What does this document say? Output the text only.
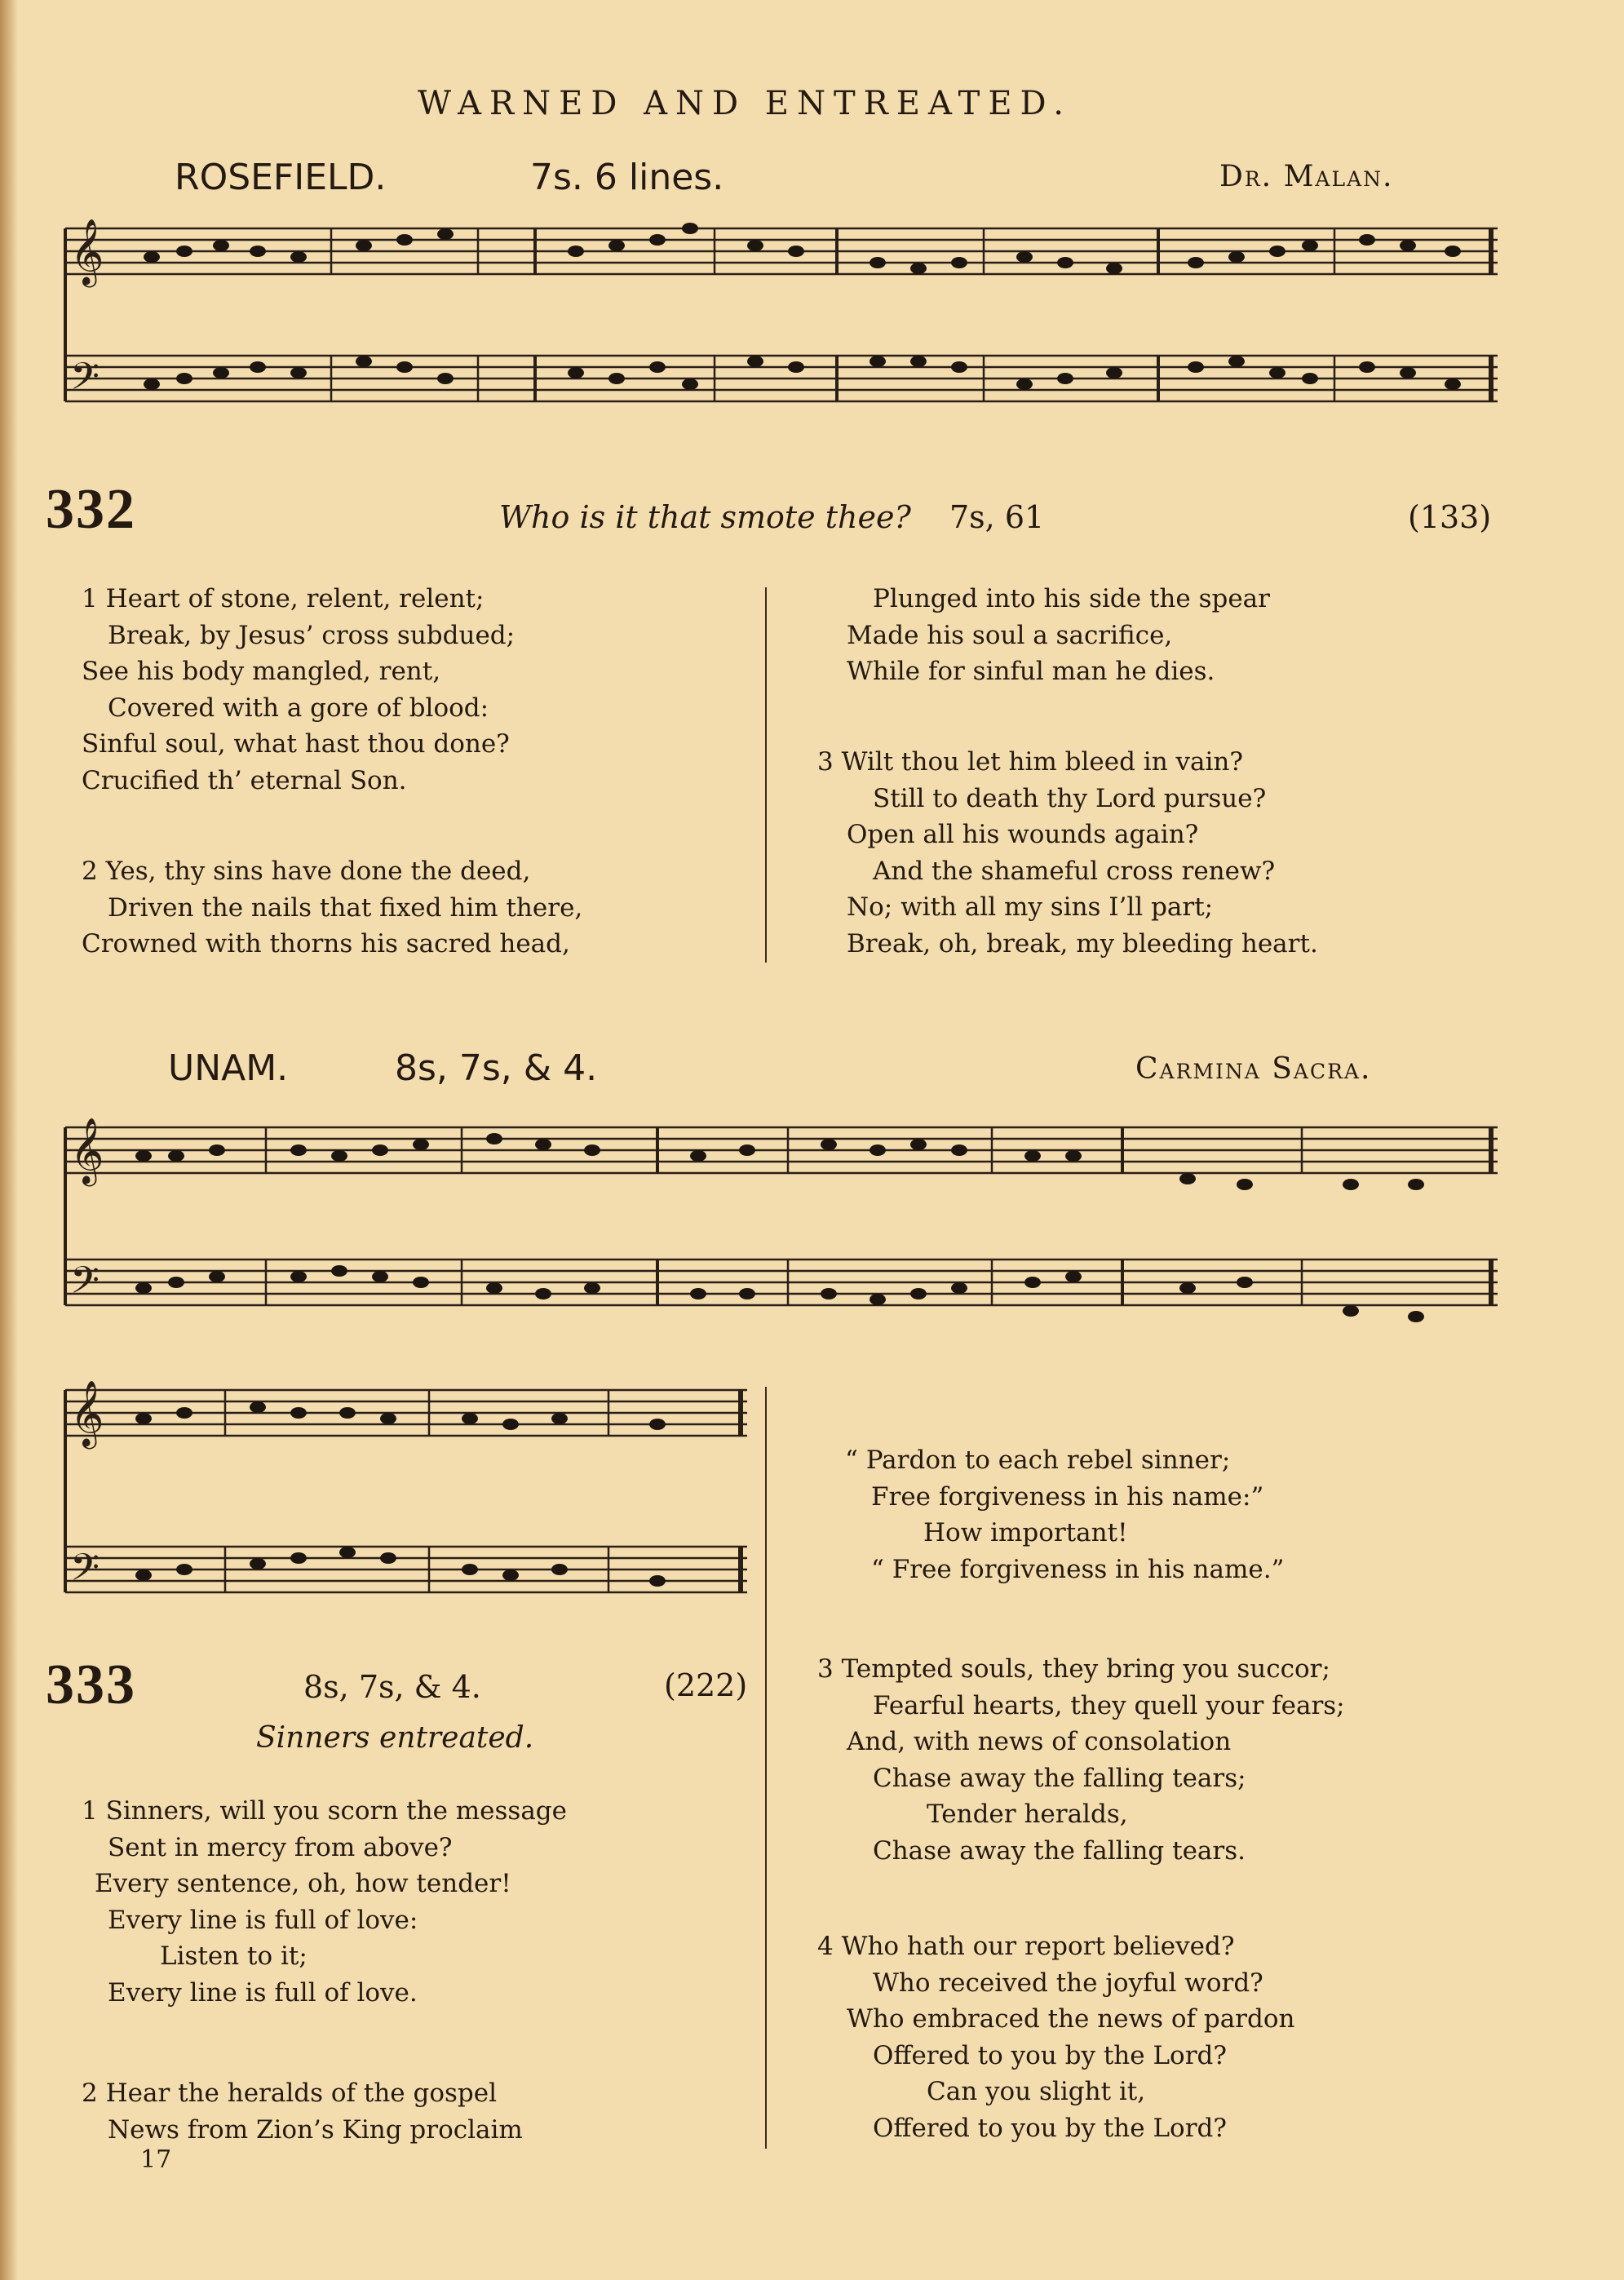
WARNED AND ENTREATED.
ROSEFIELD.	7s. 6 lines.	Dr. Malan.
𝄞
𝄢
332	Who is it that smote thee? 7s, 61	(133)
1 Heart of stone, relent, relent;
Break, by Jesus’ cross subdued;
See his body mangled, rent,
Covered with a gore of blood:
Sinful soul, what hast thou done?
Crucified th’ eternal Son.
2 Yes, thy sins have done the deed,
Driven the nails that fixed him there,
Crowned with thorns his sacred head,
Plunged into his side the spear
Made his soul a sacrifice,
While for sinful man he dies.
3 Wilt thou let him bleed in vain?
Still to death thy Lord pursue?
Open all his wounds again?
And the shameful cross renew?
No; with all my sins I’ll part;
Break, oh, break, my bleeding heart.
UNAM.	8s, 7s, & 4.	Carmina Sacra.
𝄞
𝄢
𝄞
𝄢
333	8s, 7s, & 4.	(222)
Sinners entreated.
1 Sinners, will you scorn the message
Sent in mercy from above?
Every sentence, oh, how tender!
Every line is full of love:
Listen to it;
Every line is full of love.
2 Hear the heralds of the gospel
News from Zion’s King proclaim
17
“ Pardon to each rebel sinner;
Free forgiveness in his name:”
How important!
“ Free forgiveness in his name.”
3 Tempted souls, they bring you succor;
Fearful hearts, they quell your fears;
And, with news of consolation
Chase away the falling tears;
Tender heralds,
Chase away the falling tears.
4 Who hath our report believed?
Who received the joyful word?
Who embraced the news of pardon
Offered to you by the Lord?
Can you slight it,
Offered to you by the Lord?
